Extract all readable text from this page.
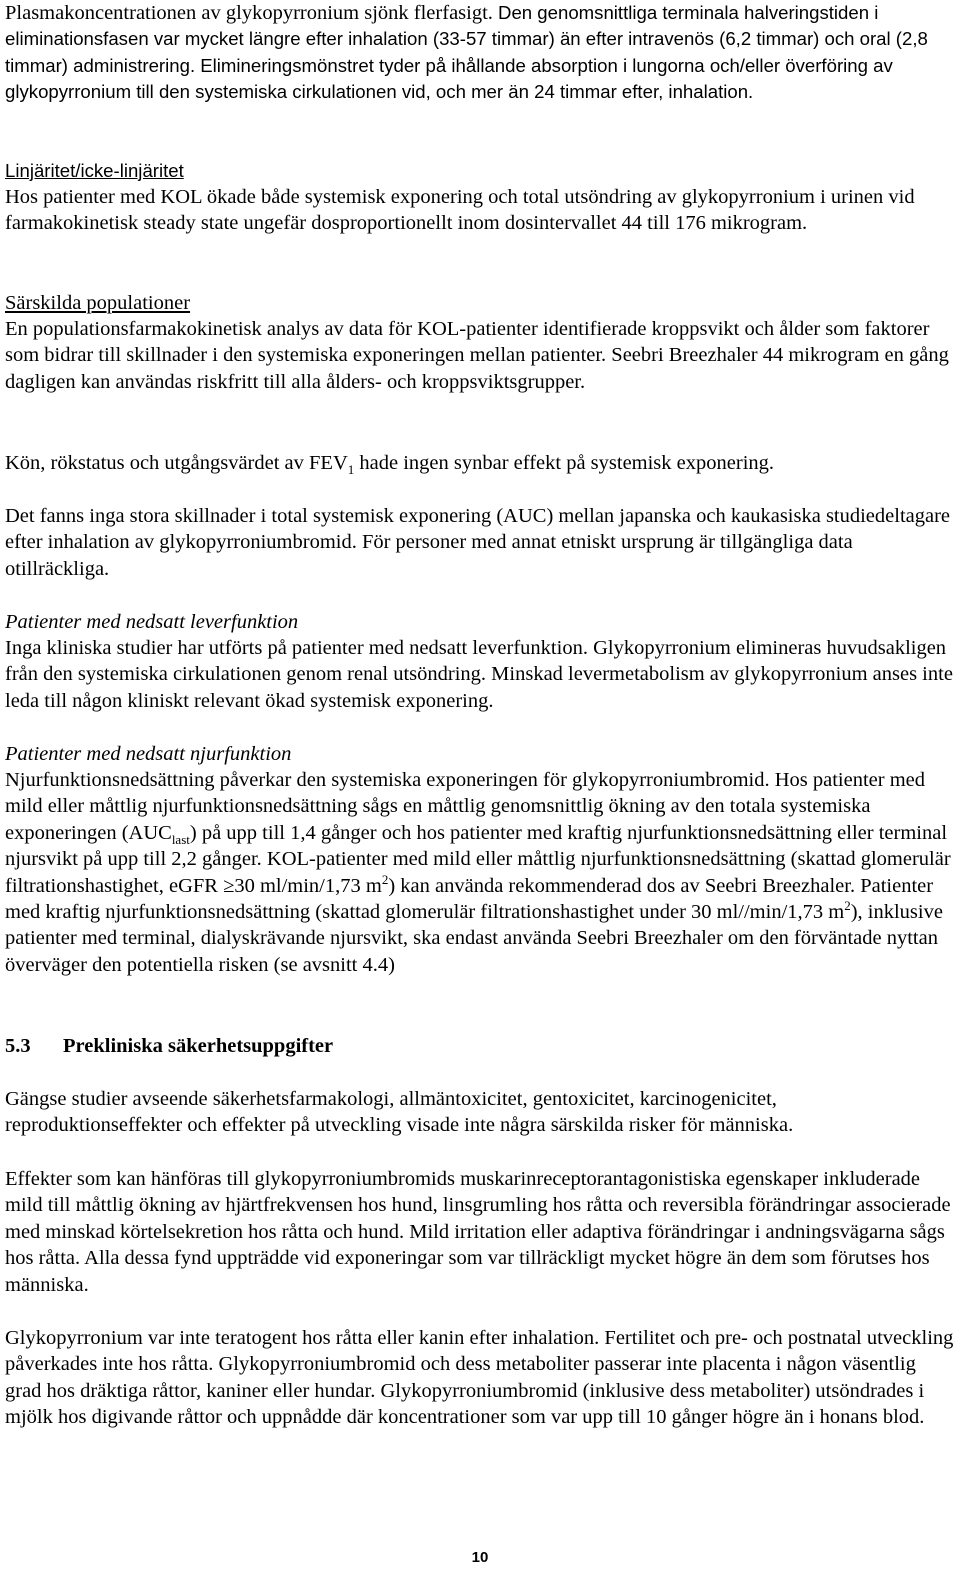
Plasmakoncentrationen av glykopyrronium sjönk flerfasigt. Den genomsnittliga terminala halveringstiden i eliminationsfasen var mycket längre efter inhalation (33-57 timmar) än efter intravenös (6,2 timmar) och oral (2,8 timmar) administrering. Elimineringsmönstret tyder på ihållande absorption i lungorna och/eller överföring av glykopyrronium till den systemiska cirkulationen vid, och mer än 24 timmar efter, inhalation.

Linjäritet/icke-linjäritet

Hos patienter med KOL ökade både systemisk exponering och total utsöndring av glykopyrronium i urinen vid farmakokinetisk steady state ungefär dosproportionellt inom dosintervallet 44 till 176 mikrogram.

Särskilda populationer

En populationsfarmakokinetisk analys av data för KOL-patienter identifierade kroppsvikt och ålder som faktorer som bidrar till skillnader i den systemiska exponeringen mellan patienter. Seebri Breezhaler 44 mikrogram en gång dagligen kan användas riskfritt till alla ålders- och kroppsviktsgrupper.

Kön, rökstatus och utgångsvärdet av $FEV_1$ hade ingen synbar effekt på systemisk exponering.

Det fanns inga stora skillnader i total systemisk exponering (AUC) mellan japanska och kaukasiska studiedeltagare efter inhalation av glykopyrroniumbromid. För personer med annat etniskt ursprung är tillgängliga data otillräckliga.

Patienter med nedsatt leverfunktion

Inga kliniska studier har utförts på patienter med nedsatt leverfunktion. Glykopyrronium elimineras huvudsakligen från den systemiska cirkulationen genom renal utsöndring. Minskad levermetabolism av glykopyrronium anses inte leda till någon kliniskt relevant ökad systemisk exponering.

Patienter med nedsatt njurfunktion

Njurfunktionsnedsättning påverkar den systemiska exponeringen för glykopyrroniumbromid. Hos patienter med mild eller måttlig njurfunktionsnedsättning sågs en måttlig genomsnittlig ökning av den totala systemiska exponeringen $(AUC_{last})$ på upp till 1,4 gånger och hos patienter med kraftig njurfunktionsnedsättning eller terminal njursvikt på upp till 2,2 gånger. KOL-patienter med mild eller måttlig njurfunktionsnedsättning (skattad glomerulär filtrationshastighet, eGFR ≥30 ml/min/1,73 $m^2$) kan använda rekommenderad dos av Seebri Breezhaler. Patienter med kraftig njurfunktionsnedsättning (skattad glomerulär filtrationshastighet under 30 ml//min/1,73 $m^2$), inklusive patienter med terminal, dialyskrävande njursvikt, ska endast använda Seebri Breezhaler om den förväntade nyttan överväger den potentiella risken (se avsnitt 4.4)

5.3 Prekliniska säkerhetsuppgifter

Gängse studier avseende säkerhetsfarmakologi, allmäntoxicitet, gentoxicitet, karcinogenicitet, reproduktionseffekter och effekter på utveckling visade inte några särskilda risker för människa.

Effekter som kan hänföras till glykopyrroniumbromids muskarinreceptorantagonistiska egenskaper inkluderade mild till måttlig ökning av hjärtfrekvensen hos hund, linsgrumling hos råtta och reversibla förändringar associerade med minskad körtelsekretion hos råtta och hund. Mild irritation eller adaptiva förändringar i andningsvägarna sågs hos råtta. Alla dessa fynd uppträdde vid exponeringar som var tillräckligt mycket högre än dem som förutses hos människa.

Glykopyrronium var inte teratogent hos råtta eller kanin efter inhalation. Fertilitet och pre- och postnatal utveckling påverkades inte hos råtta. Glykopyrroniumbromid och dess metaboliter passerar inte placenta i någon väsentlig grad hos dräktiga råttor, kaniner eller hundar. Glykopyrroniumbromid (inklusive dess metaboliter) utsöndrades i mjölk hos digivande råttor och uppnådde där koncentrationer som var upp till 10 gånger högre än i honans blod.

10
